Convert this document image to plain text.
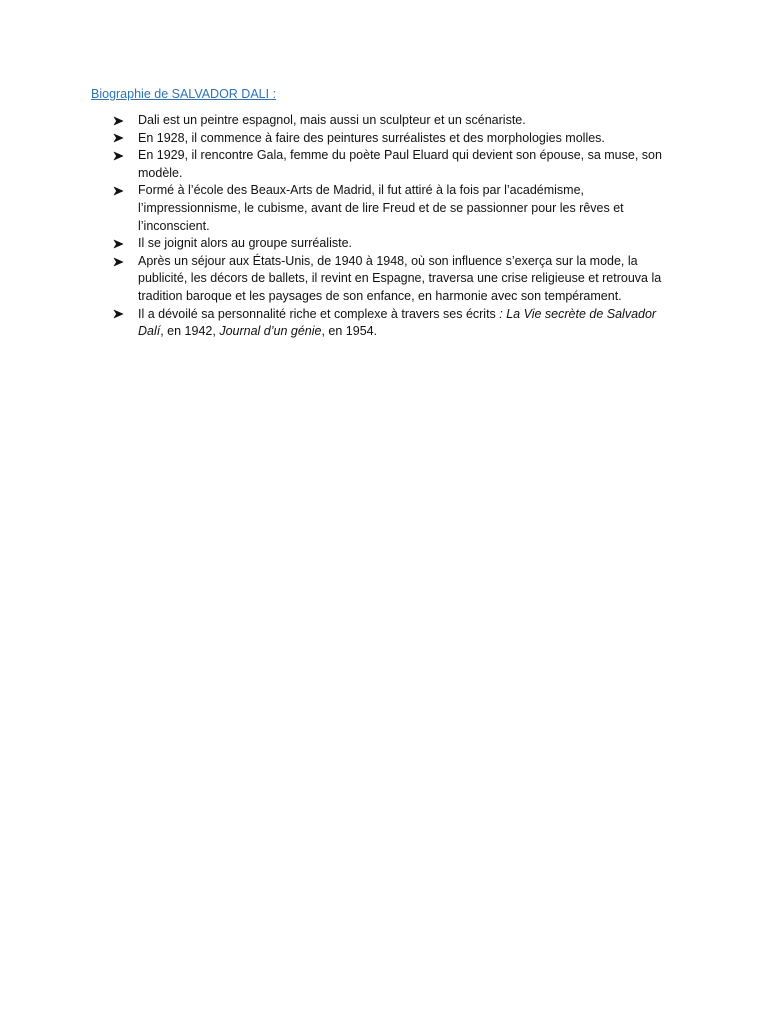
Biographie de SALVADOR DALI :
Dali est un peintre espagnol, mais aussi un sculpteur et un scénariste.
En 1928, il commence à faire des peintures surréalistes et des morphologies molles.
En 1929, il rencontre Gala, femme du poète Paul Eluard qui devient son épouse, sa muse, son modèle.
Formé à l’école des Beaux-Arts de Madrid, il fut attiré à la fois par l’académisme, l’impressionnisme, le cubisme, avant de lire Freud et de se passionner pour les rêves et l’inconscient.
Il se joignit alors au groupe surréaliste.
Après un séjour aux États-Unis, de 1940 à 1948, où son influence s’exerça sur la mode, la publicité, les décors de ballets, il revint en Espagne, traversa une crise religieuse et retrouva la tradition baroque et les paysages de son enfance, en harmonie avec son tempérament.
Il a dévoilé sa personnalité riche et complexe à travers ses écrits : La Vie secrète de Salvador Dalí, en 1942, Journal d’un génie, en 1954.
